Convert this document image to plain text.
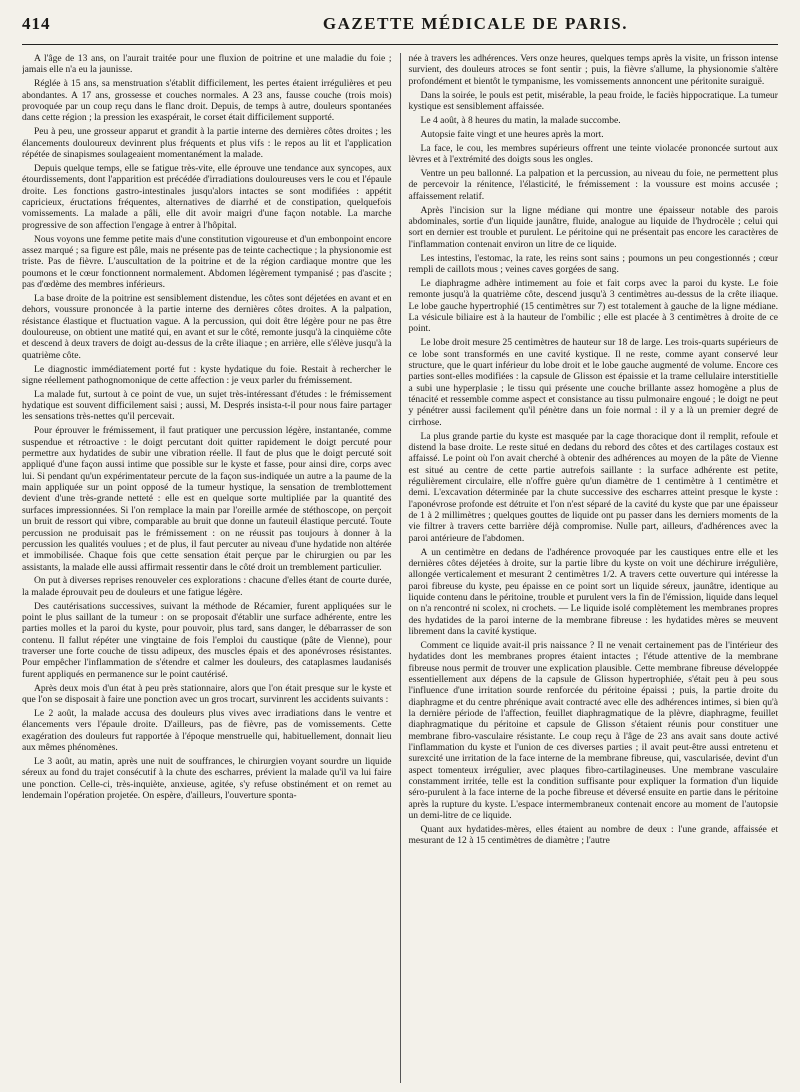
414	GAZETTE MÉDICALE DE PARIS.

A l'âge de 13 ans, on l'aurait traitée pour une fluxion de poitrine et une maladie du foie ; jamais elle n'a eu la jaunisse.

Réglée à 15 ans, sa menstruation s'établit difficilement, les pertes étaient irrégulières et peu abondantes. A 17 ans, grossesse et couches normales. A 23 ans, fausse couche (trois mois) provoquée par un coup reçu dans le flanc droit. Depuis, de temps à autre, douleurs spontanées dans cette région ; la pression les exaspérait, le corset était difficilement supporté.

Peu à peu, une grosseur apparut et grandit à la partie interne des dernières côtes droites ; les élancements douloureux devinrent plus fréquents et plus vifs : le repos au lit et l'application répétée de sinapismes soulageaient momentanément la malade.

Depuis quelque temps, elle se fatigue très-vite, elle éprouve une tendance aux syncopes, aux étourdissements, dont l'apparition est précédée d'irradiations douloureuses vers le cou et l'épaule droite. Les fonctions gastro-intestinales jusqu'alors intactes se sont modifiées : appétit capricieux, éructations fréquentes, alternatives de diarrhé et de constipation, quelquefois vomissements. La malade a pâli, elle dit avoir maigri d'une façon notable. La marche progressive de son affection l'engage à entrer à l'hôpital.

Nous voyons une femme petite mais d'une constitution vigoureuse et d'un embonpoint encore assez marqué ; sa figure est pâle, mais ne présente pas de teinte cachectique ; la physionomie est triste. Pas de fièvre. L'auscultation de la poitrine et de la région cardiaque montre que les poumons et le cœur fonctionnent normalement. Abdomen légèrement tympanisé ; pas d'ascite ; pas d'œdème des membres inférieurs.

La base droite de la poitrine est sensiblement distendue, les côtes sont déjetées en avant et en dehors, voussure prononcée à la partie interne des dernières côtes droites. A la palpation, résistance élastique et fluctuation vague. A la percussion, qui doit être légère pour ne pas être douloureuse, on obtient une matité qui, en avant et sur le côté, remonte jusqu'à la cinquième côte et descend à deux travers de doigt au-dessus de la crête iliaque ; en arrière, elle s'élève jusqu'à la quatrième côte.

Le diagnostic immédiatement porté fut : kyste hydatique du foie. Restait à rechercher le signe réellement pathognomonique de cette affection : je veux parler du frémissement.

La malade fut, surtout à ce point de vue, un sujet très-intéressant d'études : le frémissement hydatique est souvent difficilement saisi ; aussi, M. Després insista-t-il pour nous faire partager les sensations très-nettes qu'il percevait.

Pour éprouver le frémissement, il faut pratiquer une percussion légère, instantanée, comme suspendue et rétroactive : le doigt percutant doit quitter rapidement le doigt percuté pour permettre aux hydatides de subir une vibration réelle. Il faut de plus que le doigt percuté soit appliqué d'une façon aussi intime que possible sur le kyste et fasse, pour ainsi dire, corps avec lui. Si pendant qu'un expérimentateur percute de la façon sus-indiquée un autre a la paume de la main appliquée sur un point opposé de la tumeur hystique, la sensation de tremblottement devient d'une très-grande netteté : elle est en quelque sorte multipliée par la quantité des surfaces impressionnées. Si l'on remplace la main par l'oreille armée de stéthoscope, on perçoit un bruit de ressort qui vibre, comparable au bruit que donne un fauteuil élastique percuté. Toute percussion ne produisait pas le frémissement : on ne réussit pas toujours à donner à la percussion les qualités voulues ; et de plus, il faut percuter au niveau d'une hydatide non altérée et immobilisée. Chaque fois que cette sensation était perçue par le chirurgien ou par les assistants, la malade elle aussi affirmait ressentir dans le côté droit un tremblement particulier.

On put à diverses reprises renouveler ces explorations : chacune d'elles étant de courte durée, la malade éprouvait peu de douleurs et une fatigue légère.

Des cautérisations successives, suivant la méthode de Récamier, furent appliquées sur le point le plus saillant de la tumeur : on se proposait d'établir une surface adhérente, entre les parties molles et la paroi du kyste, pour pouvoir, plus tard, sans danger, le débarrasser de son contenu. Il fallut répéter une vingtaine de fois l'emploi du caustique (pâte de Vienne), pour traverser une forte couche de tissu adipeux, des muscles épais et des aponévroses résistantes. Pour empêcher l'inflammation de s'étendre et calmer les douleurs, des cataplasmes laudanisés furent appliqués en permanence sur le point cautérisé.

Après deux mois d'un état à peu près stationnaire, alors que l'on était presque sur le kyste et que l'on se disposait à faire une ponction avec un gros trocart, survinrent les accidents suivants :

Le 2 août, la malade accusa des douleurs plus vives avec irradiations dans le ventre et élancements vers l'épaule droite. D'ailleurs, pas de fièvre, pas de vomissements. Cette exagération des douleurs fut rapportée à l'époque menstruelle qui, habituellement, donnait lieu aux mêmes phénomènes.

Le 3 août, au matin, après une nuit de souffrances, le chirurgien voyant sourdre un liquide séreux au fond du trajet consécutif à la chute des escharres, prévient la malade qu'il va lui faire une ponction. Celle-ci, très-inquiète, anxieuse, agitée, s'y refuse obstinément et on remet au lendemain l'opération projetée. On espère, d'ailleurs, l'ouverture sponta-

née à travers les adhérences. Vers onze heures, quelques temps après la visite, un frisson intense survient, des douleurs atroces se font sentir ; puis, la fièvre s'allume, la physionomie s'altère profondément et bientôt le tympanisme, les vomissements annoncent une péritonite suraiguë.

Dans la soirée, le pouls est petit, misérable, la peau froide, le faciès hippocratique. La tumeur kystique est sensiblement affaissée.

Le 4 août, à 8 heures du matin, la malade succombe.

Autopsie faite vingt et une heures après la mort.

La face, le cou, les membres supérieurs offrent une teinte violacée prononcée surtout aux lèvres et à l'extrémité des doigts sous les ongles.

Ventre un peu ballonné. La palpation et la percussion, au niveau du foie, ne permettent plus de percevoir la rénitence, l'élasticité, le frémissement : la voussure est moins accusée ; affaissement relatif.

Après l'incision sur la ligne médiane qui montre une épaisseur notable des parois abdominales, sortie d'un liquide jaunâtre, fluide, analogue au liquide de l'hydrocèle ; celui qui sort en dernier est trouble et purulent. Le péritoine qui ne présentait pas encore les caractères de l'inflammation contenait environ un litre de ce liquide.

Les intestins, l'estomac, la rate, les reins sont sains ; poumons un peu congestionnés ; cœur rempli de caillots mous ; veines caves gorgées de sang.

Le diaphragme adhère intimement au foie et fait corps avec la paroi du kyste. Le foie remonte jusqu'à la quatrième côte, descend jusqu'à 3 centimètres au-dessus de la crête iliaque. Le lobe gauche hypertrophié (15 centimètres sur 7) est totalement à gauche de la ligne médiane. La vésicule biliaire est à la hauteur de l'ombilic ; elle est placée à 3 centimètres à droite de ce point.

Le lobe droit mesure 25 centimètres de hauteur sur 18 de large. Les trois-quarts supérieurs de ce lobe sont transformés en une cavité kystique. Il ne reste, comme ayant conservé leur structure, que le quart inférieur du lobe droit et le lobe gauche augmenté de volume. Encore ces parties sont-elles modifiées : la capsule de Glisson est épaissie et la trame cellulaire interstitielle a subi une hyperplasie ; le tissu qui présente une couche brillante assez homogène a plus de ténacité et ressemble comme aspect et consistance au tissu pulmonaire engoué ; le doigt ne peut y pénétrer aussi facilement qu'il pénètre dans un foie normal : il y a là un premier degré de cirrhose.

La plus grande partie du kyste est masquée par la cage thoracique dont il remplit, refoule et distend la base droite. Le reste situé en dedans du rebord des côtes et des cartilages costaux est affaissé. Le point où l'on avait cherché à obtenir des adhérences au moyen de la pâte de Vienne est situé au centre de cette partie autrefois saillante : la surface adhérente est petite, régulièrement circulaire, elle n'offre guère qu'un diamètre de 1 centimètre à 1 centimètre et demi. L'excavation déterminée par la chute successive des escharres atteint presque le kyste : l'aponévrose profonde est détruite et l'on n'est séparé de la cavité du kyste que par une épaisseur de 1 à 2 millimètres ; quelques gouttes de liquide ont pu passer dans les derniers moments de la vie filtrer à travers cette barrière déjà compromise. Nulle part, ailleurs, d'adhérences avec la paroi antérieure de l'abdomen.

A un centimètre en dedans de l'adhérence provoquée par les caustiques entre elle et les dernières côtes déjetées à droite, sur la partie libre du kyste on voit une déchirure irrégulière, allongée verticalement et mesurant 2 centimètres 1/2. A travers cette ouverture qui intéresse la paroi fibreuse du kyste, peu épaisse en ce point sort un liquide séreux, jaunâtre, identique au liquide contenu dans le péritoine, trouble et purulent vers la fin de l'émission, liquide dans lequel on n'a rencontré ni scolex, ni crochets. — Le liquide isolé complètement les membranes propres des hydatides de la paroi interne de la membrane fibreuse : les hydatides mères se meuvent librement dans la cavité kystique.

Comment ce liquide avait-il pris naissance ? Il ne venait certainement pas de l'intérieur des hydatides dont les membranes propres étaient intactes ; l'étude attentive de la membrane fibreuse nous permit de trouver une explication plausible. Cette membrane fibreuse développée essentiellement aux dépens de la capsule de Glisson hypertrophiée, s'était peu à peu sous l'influence d'une irritation sourde renforcée du péritoine épaissi ; puis, la partie droite du diaphragme et du centre phrénique avait contracté avec elle des adhérences intimes, si bien qu'à la dernière période de l'affection, feuillet diaphragmatique de la plèvre, diaphragme, feuillet diaphragmatique du péritoine et capsule de Glisson s'étaient réunis pour constituer une membrane fibro-vasculaire résistante. Le coup reçu à l'âge de 23 ans avait sans doute activé l'inflammation du kyste et l'union de ces diverses parties ; il avait peut-être aussi entretenu et surexcité une irritation de la face interne de la membrane fibreuse, qui, vascularisée, devint d'un aspect tomenteux irrégulier, avec plaques fibro-cartilagineuses. Une membrane vasculaire constamment irritée, telle est la condition suffisante pour expliquer la formation d'un liquide séro-purulent à la face interne de la poche fibreuse et déversé ensuite en partie dans le péritoine après la rupture du kyste. L'espace intermembraneux contenait encore au moment de l'autopsie un demi-litre de ce liquide.

Quant aux hydatides-mères, elles étaient au nombre de deux : l'une grande, affaissée et mesurant de 12 à 15 centimètres de diamètre ; l'autre
